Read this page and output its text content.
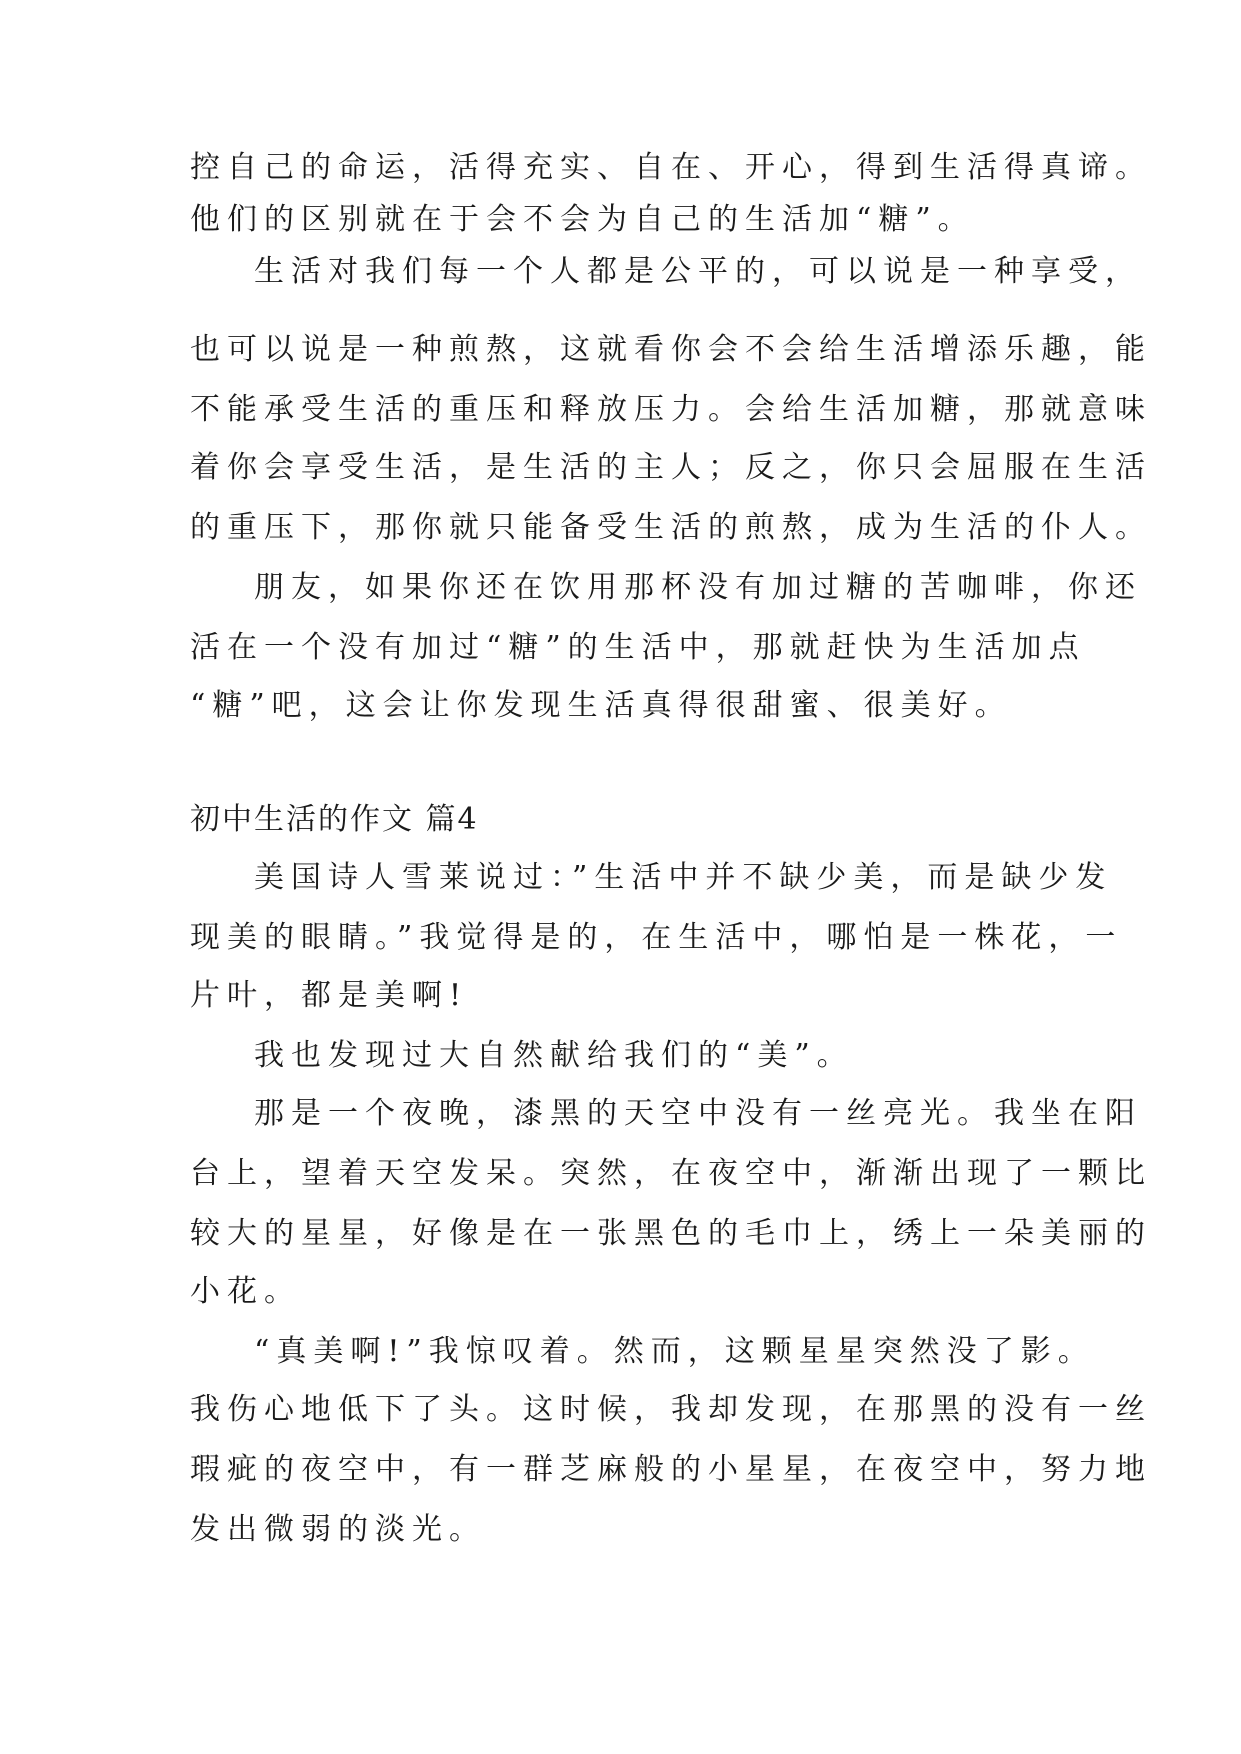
控自己的命运，活得充实、自在、开心，得到生活得真谛。
他们的区别就在于会不会为自己的生活加“糖”。
生活对我们每一个人都是公平的，可以说是一种享受，
也可以说是一种煎熬，这就看你会不会给生活增添乐趣，能
不能承受生活的重压和释放压力。会给生活加糖，那就意味
着你会享受生活，是生活的主人；反之，你只会屈服在生活
的重压下，那你就只能备受生活的煎熬，成为生活的仆人。
朋友，如果你还在饮用那杯没有加过糖的苦咖啡，你还
活在一个没有加过“糖”的生活中，那就赶快为生活加点
“糖”吧，这会让你发现生活真得很甜蜜、很美好。
初中生活的作文 篇4
美国诗人雪莱说过：”生活中并不缺少美，而是缺少发
现美的眼睛。”我觉得是的，在生活中，哪怕是一株花，一
片叶，都是美啊!
我也发现过大自然献给我们的“美”。
那是一个夜晚，漆黑的天空中没有一丝亮光。我坐在阳
台上，望着天空发呆。突然，在夜空中，渐渐出现了一颗比
较大的星星，好像是在一张黑色的毛巾上，绣上一朵美丽的
小花。
“真美啊!”我惊叹着。然而，这颗星星突然没了影。
我伤心地低下了头。这时候，我却发现，在那黑的没有一丝
瑕疵的夜空中，有一群芝麻般的小星星，在夜空中，努力地
发出微弱的淡光。
